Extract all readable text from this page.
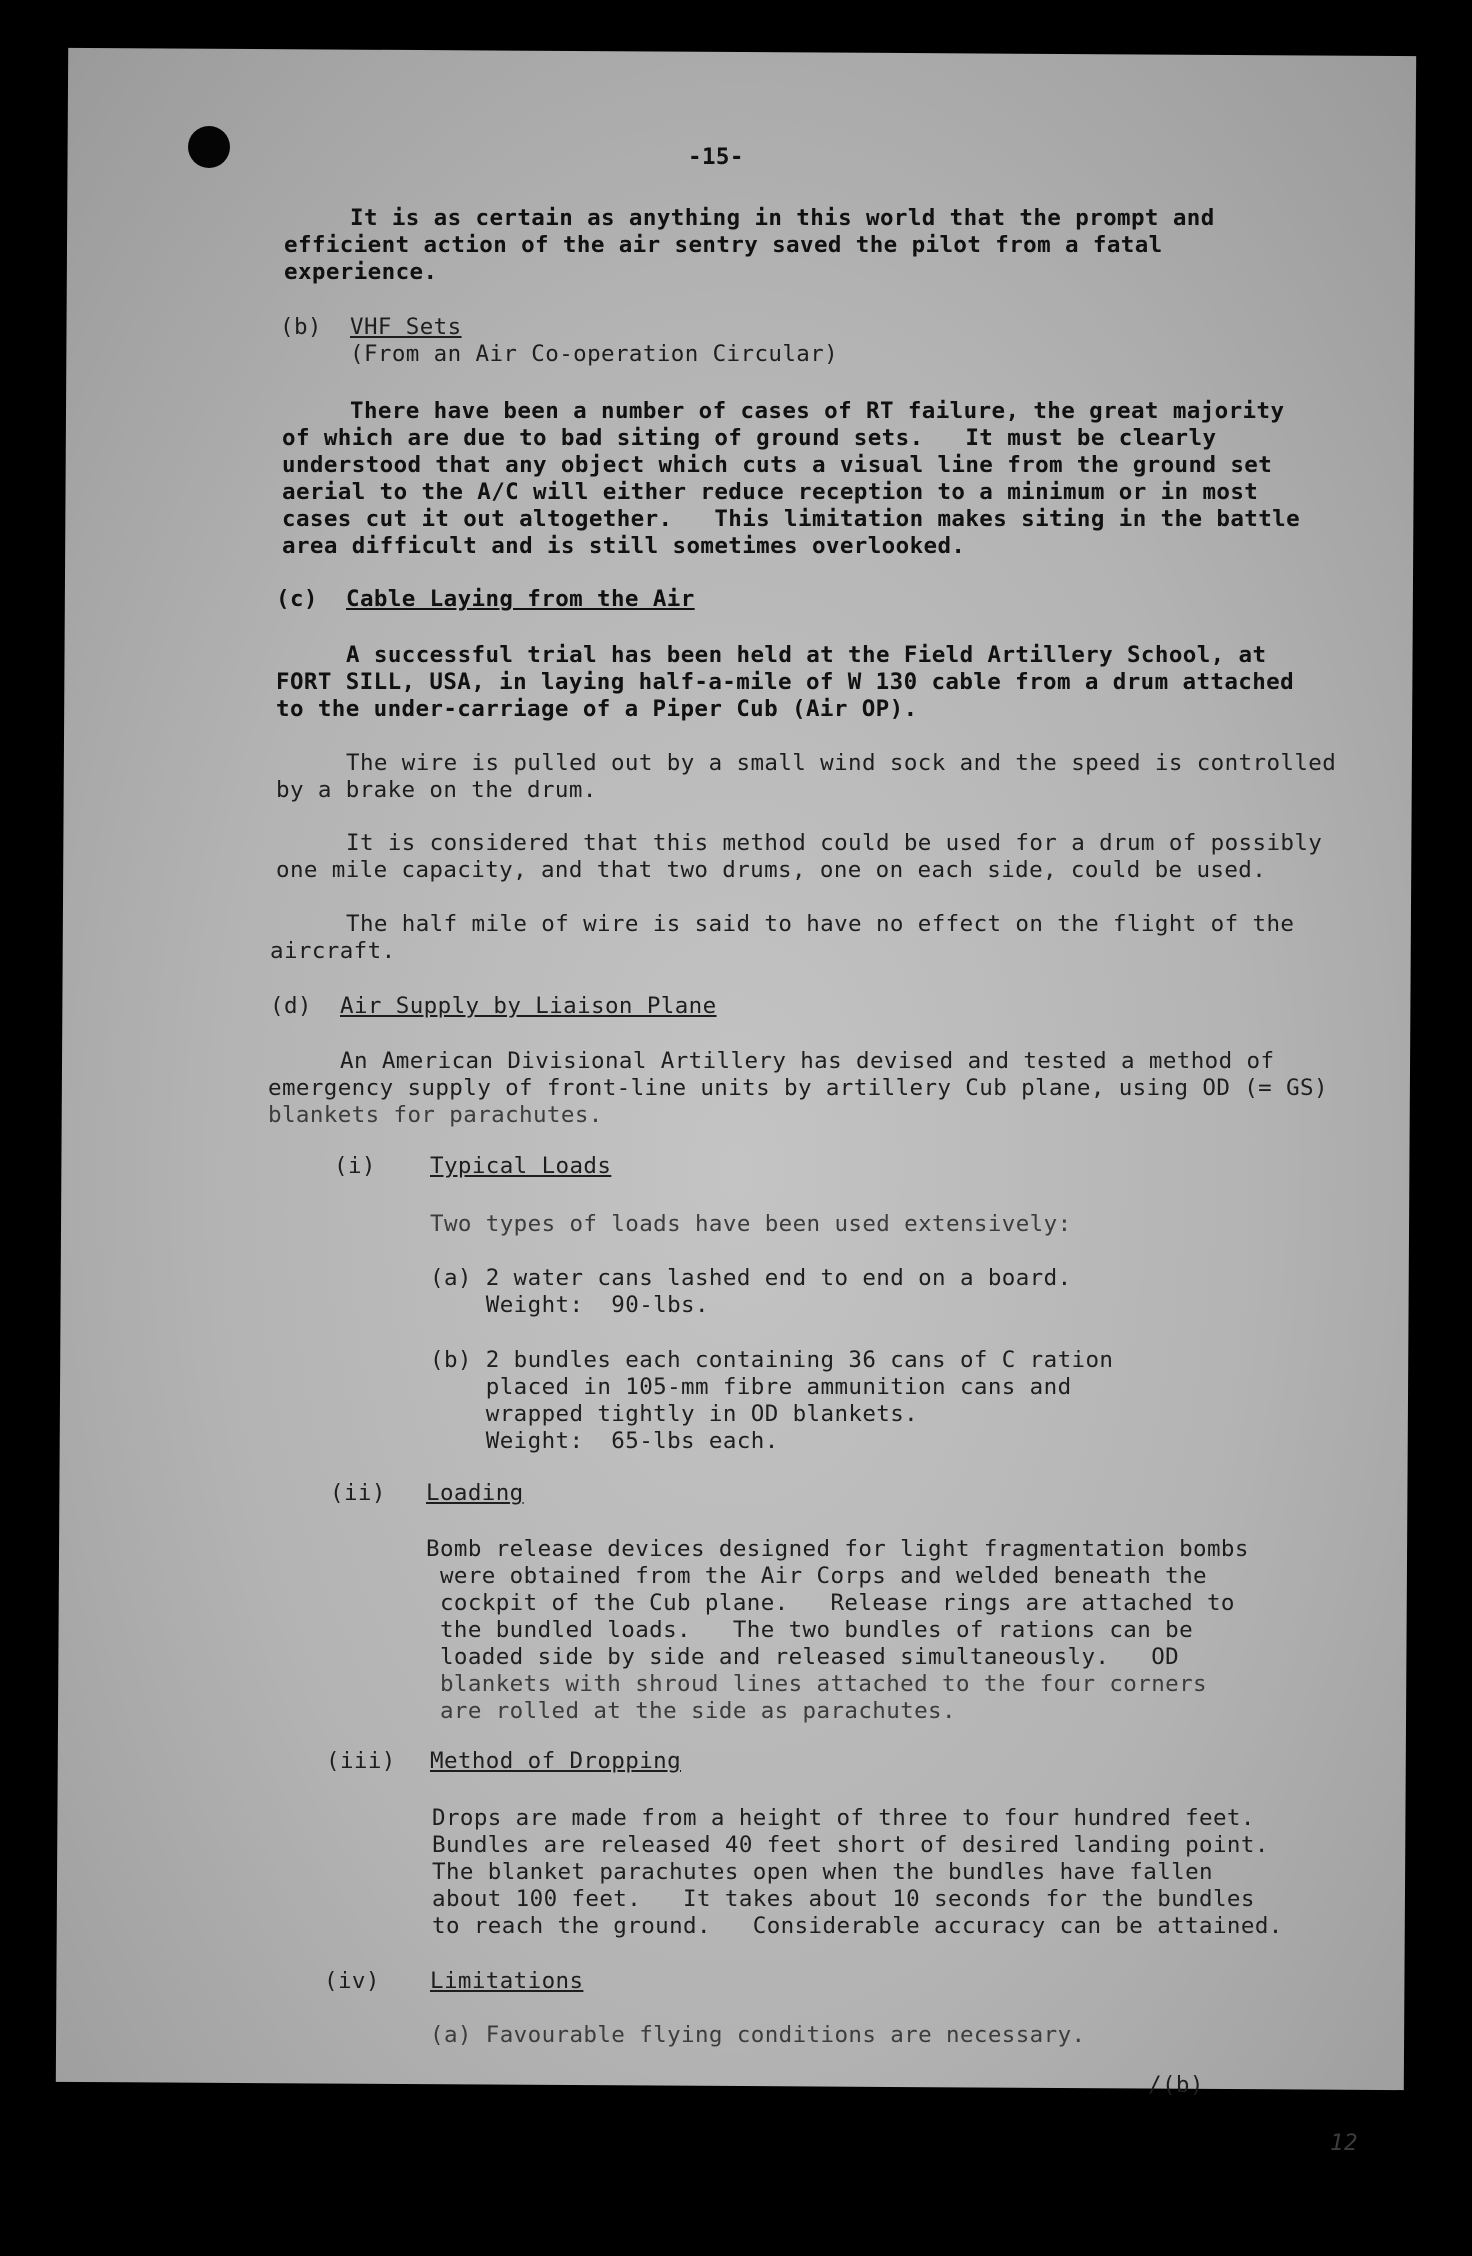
-15-
It is as certain as anything in this world that the prompt and
efficient action of the air sentry saved the pilot from a fatal
experience.
(b) VHF Sets
(From an Air Co-operation Circular)
There have been a number of cases of RT failure, the great majority
of which are due to bad siting of ground sets.   It must be clearly
understood that any object which cuts a visual line from the ground set
aerial to the A/C will either reduce reception to a minimum or in most
cases cut it out altogether.   This limitation makes siting in the battle
area difficult and is still sometimes overlooked.
(c) Cable Laying from the Air
A successful trial has been held at the Field Artillery School, at
FORT SILL, USA, in laying half-a-mile of W 130 cable from a drum attached
to the under-carriage of a Piper Cub (Air OP).
The wire is pulled out by a small wind sock and the speed is controlled
by a brake on the drum.
It is considered that this method could be used for a drum of possibly
one mile capacity, and that two drums, one on each side, could be used.
The half mile of wire is said to have no effect on the flight of the
aircraft.
(d) Air Supply by Liaison Plane
An American Divisional Artillery has devised and tested a method of
emergency supply of front-line units by artillery Cub plane, using OD (= GS)
blankets for parachutes.
(i) Typical Loads
Two types of loads have been used extensively:
(a) 2 water cans lashed end to end on a board.
Weight:  90-lbs.
(b) 2 bundles each containing 36 cans of C ration
placed in 105-mm fibre ammunition cans and
wrapped tightly in OD blankets.
Weight:  65-lbs each.
(ii) Loading
Bomb release devices designed for light fragmentation bombs
were obtained from the Air Corps and welded beneath the
cockpit of the Cub plane.   Release rings are attached to
the bundled loads.   The two bundles of rations can be
loaded side by side and released simultaneously.   OD
blankets with shroud lines attached to the four corners
are rolled at the side as parachutes.
(iii) Method of Dropping
Drops are made from a height of three to four hundred feet.
Bundles are released 40 feet short of desired landing point.
The blanket parachutes open when the bundles have fallen
about 100 feet.   It takes about 10 seconds for the bundles
to reach the ground.   Considerable accuracy can be attained.
(iv) Limitations
(a) Favourable flying conditions are necessary.
/(b)
12
